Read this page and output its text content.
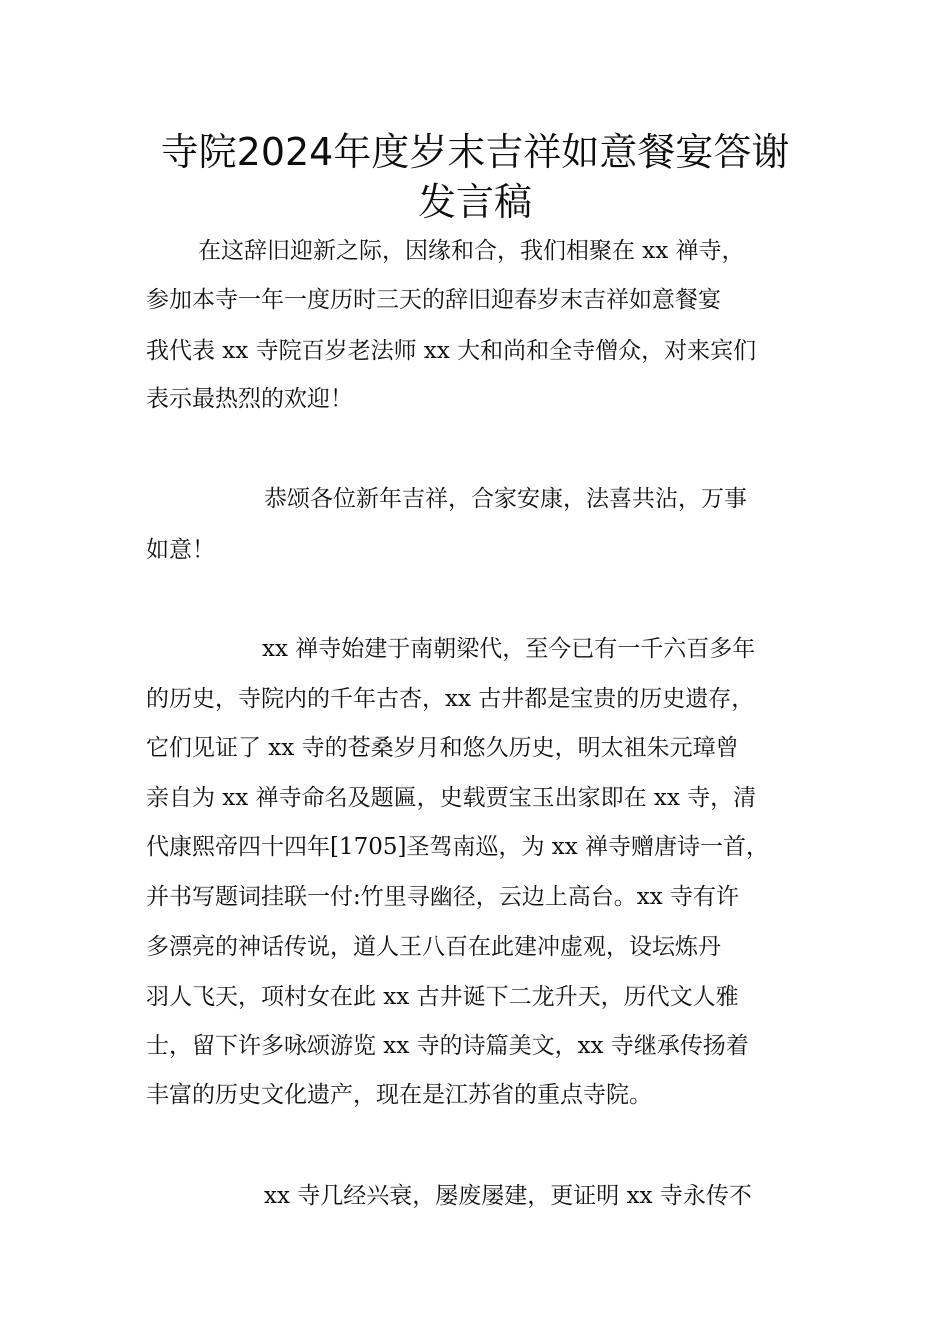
寺院2024年度岁末吉祥如意餐宴答谢
发言稿
在这辞旧迎新之际，因缘和合，我们相聚在 xx 禅寺，
参加本寺一年一度历时三天的辞旧迎春岁末吉祥如意餐宴
我代表 xx 寺院百岁老法师 xx 大和尚和全寺僧众，对来宾们
表示最热烈的欢迎！
恭颂各位新年吉祥，合家安康，法喜共沾，万事
如意！
xx 禅寺始建于南朝梁代，至今已有一千六百多年
的历史，寺院内的千年古杏，xx 古井都是宝贵的历史遗存，
它们见证了 xx 寺的苍桑岁月和悠久历史，明太祖朱元璋曾
亲自为 xx 禅寺命名及题匾，史载贾宝玉出家即在 xx 寺，清
代康熙帝四十四年[1705]圣驾南巡，为 xx 禅寺赠唐诗一首，
并书写题词挂联一付:竹里寻幽径，云边上高台。xx 寺有许
多漂亮的神话传说，道人王八百在此建冲虚观，设坛炼丹
羽人飞天，项村女在此 xx 古井诞下二龙升天，历代文人雅
士，留下许多咏颂游览 xx 寺的诗篇美文，xx 寺继承传扬着
丰富的历史文化遗产，现在是江苏省的重点寺院。
xx 寺几经兴衰，屡废屡建，更证明 xx 寺永传不
